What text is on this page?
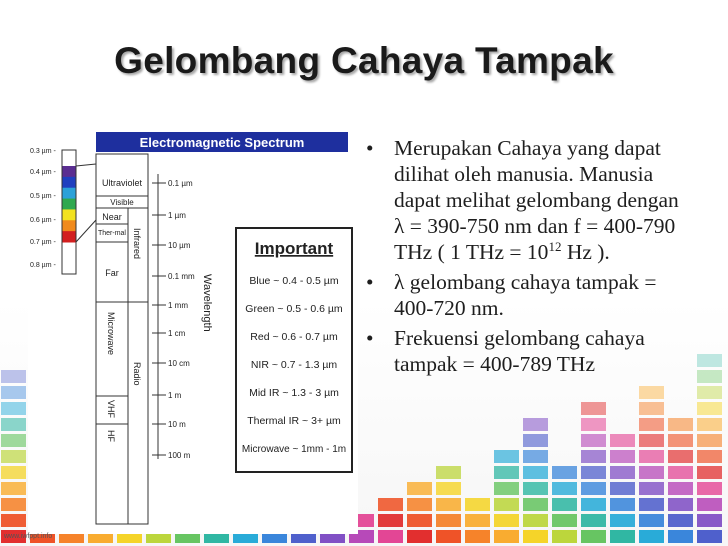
Gelombang Cahaya Tampak
Electromagnetic Spectrum
0.3 µm -
0.4 µm -
0.5 µm -
0.6 µm -
0.7 µm -
0.8 µm -
Ultraviolet
Visible
Near
Ther-mal Infrared
Far
Microwave
Radio
VHF
HF
0.1 µm
1 µm
10 µm
0.1 mm
1 mm
1 cm
10 cm
1 m
10 m
100 m
Wavelength
Important
Blue ~ 0.4 - 0.5 µm
Green ~ 0.5 - 0.6 µm
Red ~ 0.6 - 0.7 µm
NIR ~ 0.7 - 1.3 µm
Mid IR ~ 1.3 - 3 µm
Thermal IR ~ 3+ µm
Microwave ~ 1mm - 1m
• Merupakan Cahaya yang dapat dilihat oleh manusia. Manusia dapat melihat gelombang dengan λ = 390-750 nm dan f = 400-790 THz ( 1 THz = $10^{12}$ Hz ).
• λ gelombang cahaya tampak = 400-720 nm.
• Frekuensi gelombang cahaya tampak = 400-789 THz
www.iwfppt.info
